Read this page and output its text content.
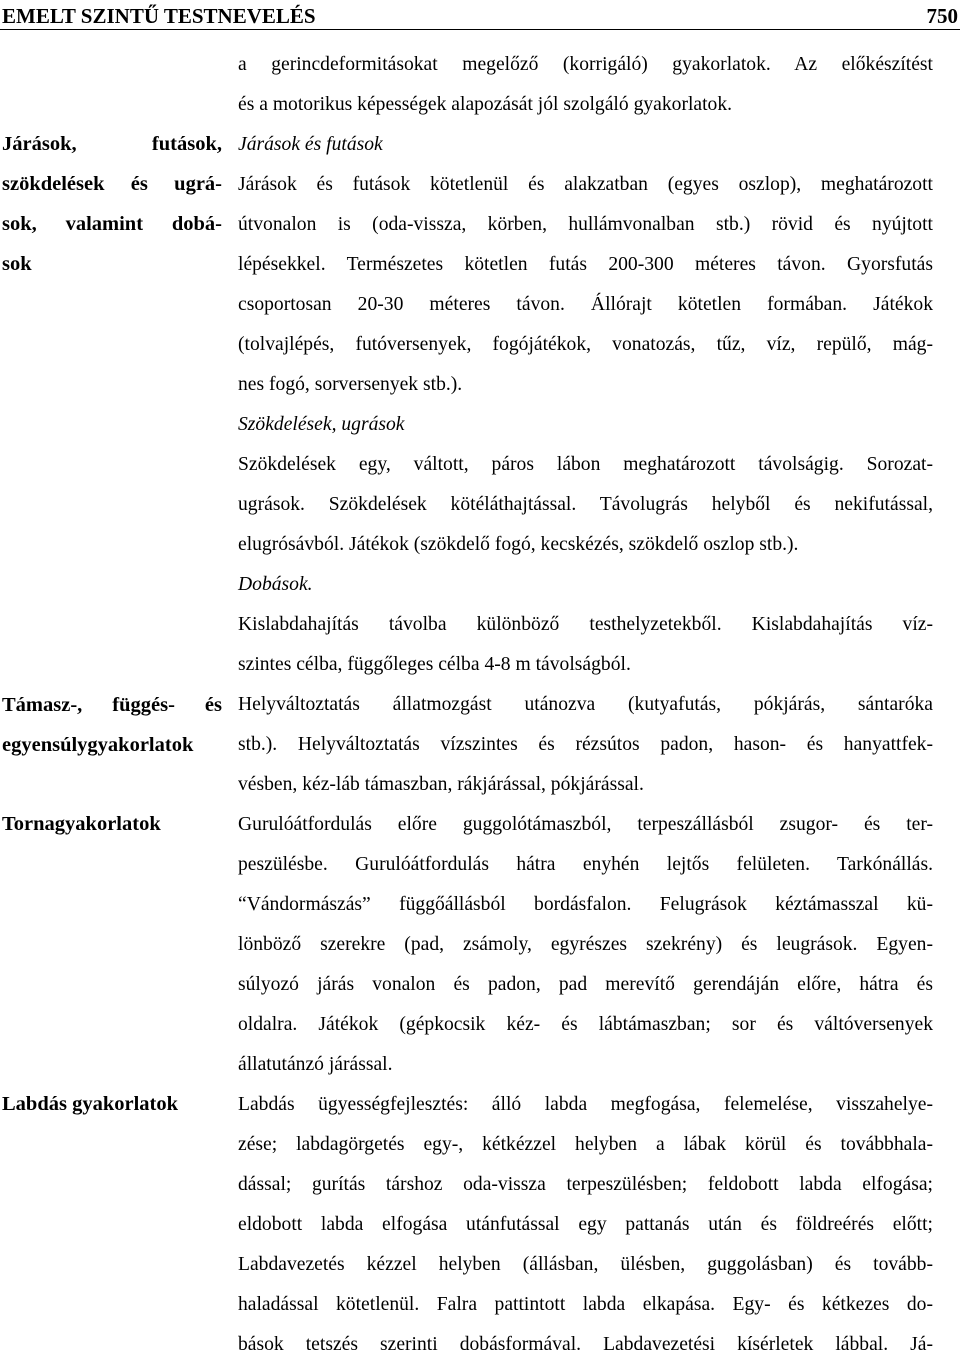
EMELT SZINTŰ TESTNEVELÉS	750
Járások, futások,
szökdelések és ugrá-
sok, valamint dobá-
sok
Támasz-, függés- és
egyensúlygyakorlatok
Tornagyakorlatok
Labdás gyakorlatok
a gerincdeformitásokat megelőző (korrigáló) gyakorlatok. Az előkészítést
és a motorikus képességek alapozását jól szolgáló gyakorlatok.
Járások és futások
Járások és futások kötetlenül és alakzatban (egyes oszlop), meghatározott
útvonalon is (oda-vissza, körben, hullámvonalban stb.) rövid és nyújtott
lépésekkel. Természetes kötetlen futás 200-300 méteres távon. Gyorsfutás
csoportosan 20-30 méteres távon. Állórajt kötetlen formában. Játékok
(tolvajlépés, futóversenyek, fogójátékok, vonatozás, tűz, víz, repülő, mág-
nes fogó, sorversenyek stb.).
Szökdelések, ugrások
Szökdelések egy, váltott, páros lábon meghatározott távolságig. Sorozat-
ugrások. Szökdelések kötéláthajtással. Távolugrás helyből és nekifutással,
elugrósávból. Játékok (szökdelő fogó, kecskézés, szökdelő oszlop stb.).
Dobások.
Kislabdahajítás távolba különböző testhelyzetekből. Kislabdahajítás víz-
szintes célba, függőleges célba 4-8 m távolságból.
Helyváltoztatás állatmozgást utánozva (kutyafutás, pókjárás, sántaróka
stb.). Helyváltoztatás vízszintes és rézsútos padon, hason- és hanyattfek-
vésben, kéz-láb támaszban, rákjárással, pókjárással.
Gurulóátfordulás előre guggolótámaszból, terpeszállásból zsugor- és ter-
peszülésbe. Gurulóátfordulás hátra enyhén lejtős felületen. Tarkónállás.
“Vándormászás” függőállásból bordásfalon. Felugrások kéztámasszal kü-
lönböző szerekre (pad, zsámoly, egyrészes szekrény) és leugrások. Egyen-
súlyozó járás vonalon és padon, pad merevítő gerendáján előre, hátra és
oldalra. Játékok (gépkocsik kéz- és lábtámaszban; sor és váltóversenyek
állatutánzó járással.
Labdás ügyességfejlesztés: álló labda megfogása, felemelése, visszahelye-
zése; labdagörgetés egy-, kétkézzel helyben a lábak körül és továbbhala-
dással; gurítás társhoz oda-vissza terpeszülésben; feldobott labda elfogása;
eldobott labda elfogása utánfutással egy pattanás után és földreérés előtt;
Labdavezetés kézzel helyben (állásban, ülésben, guggolásban) és tovább-
haladással kötetlenül. Falra pattintott labda elkapása. Egy- és kétkezes do-
bások tetszés szerinti dobásformával. Labdavezetési kísérletek lábbal. Já-
